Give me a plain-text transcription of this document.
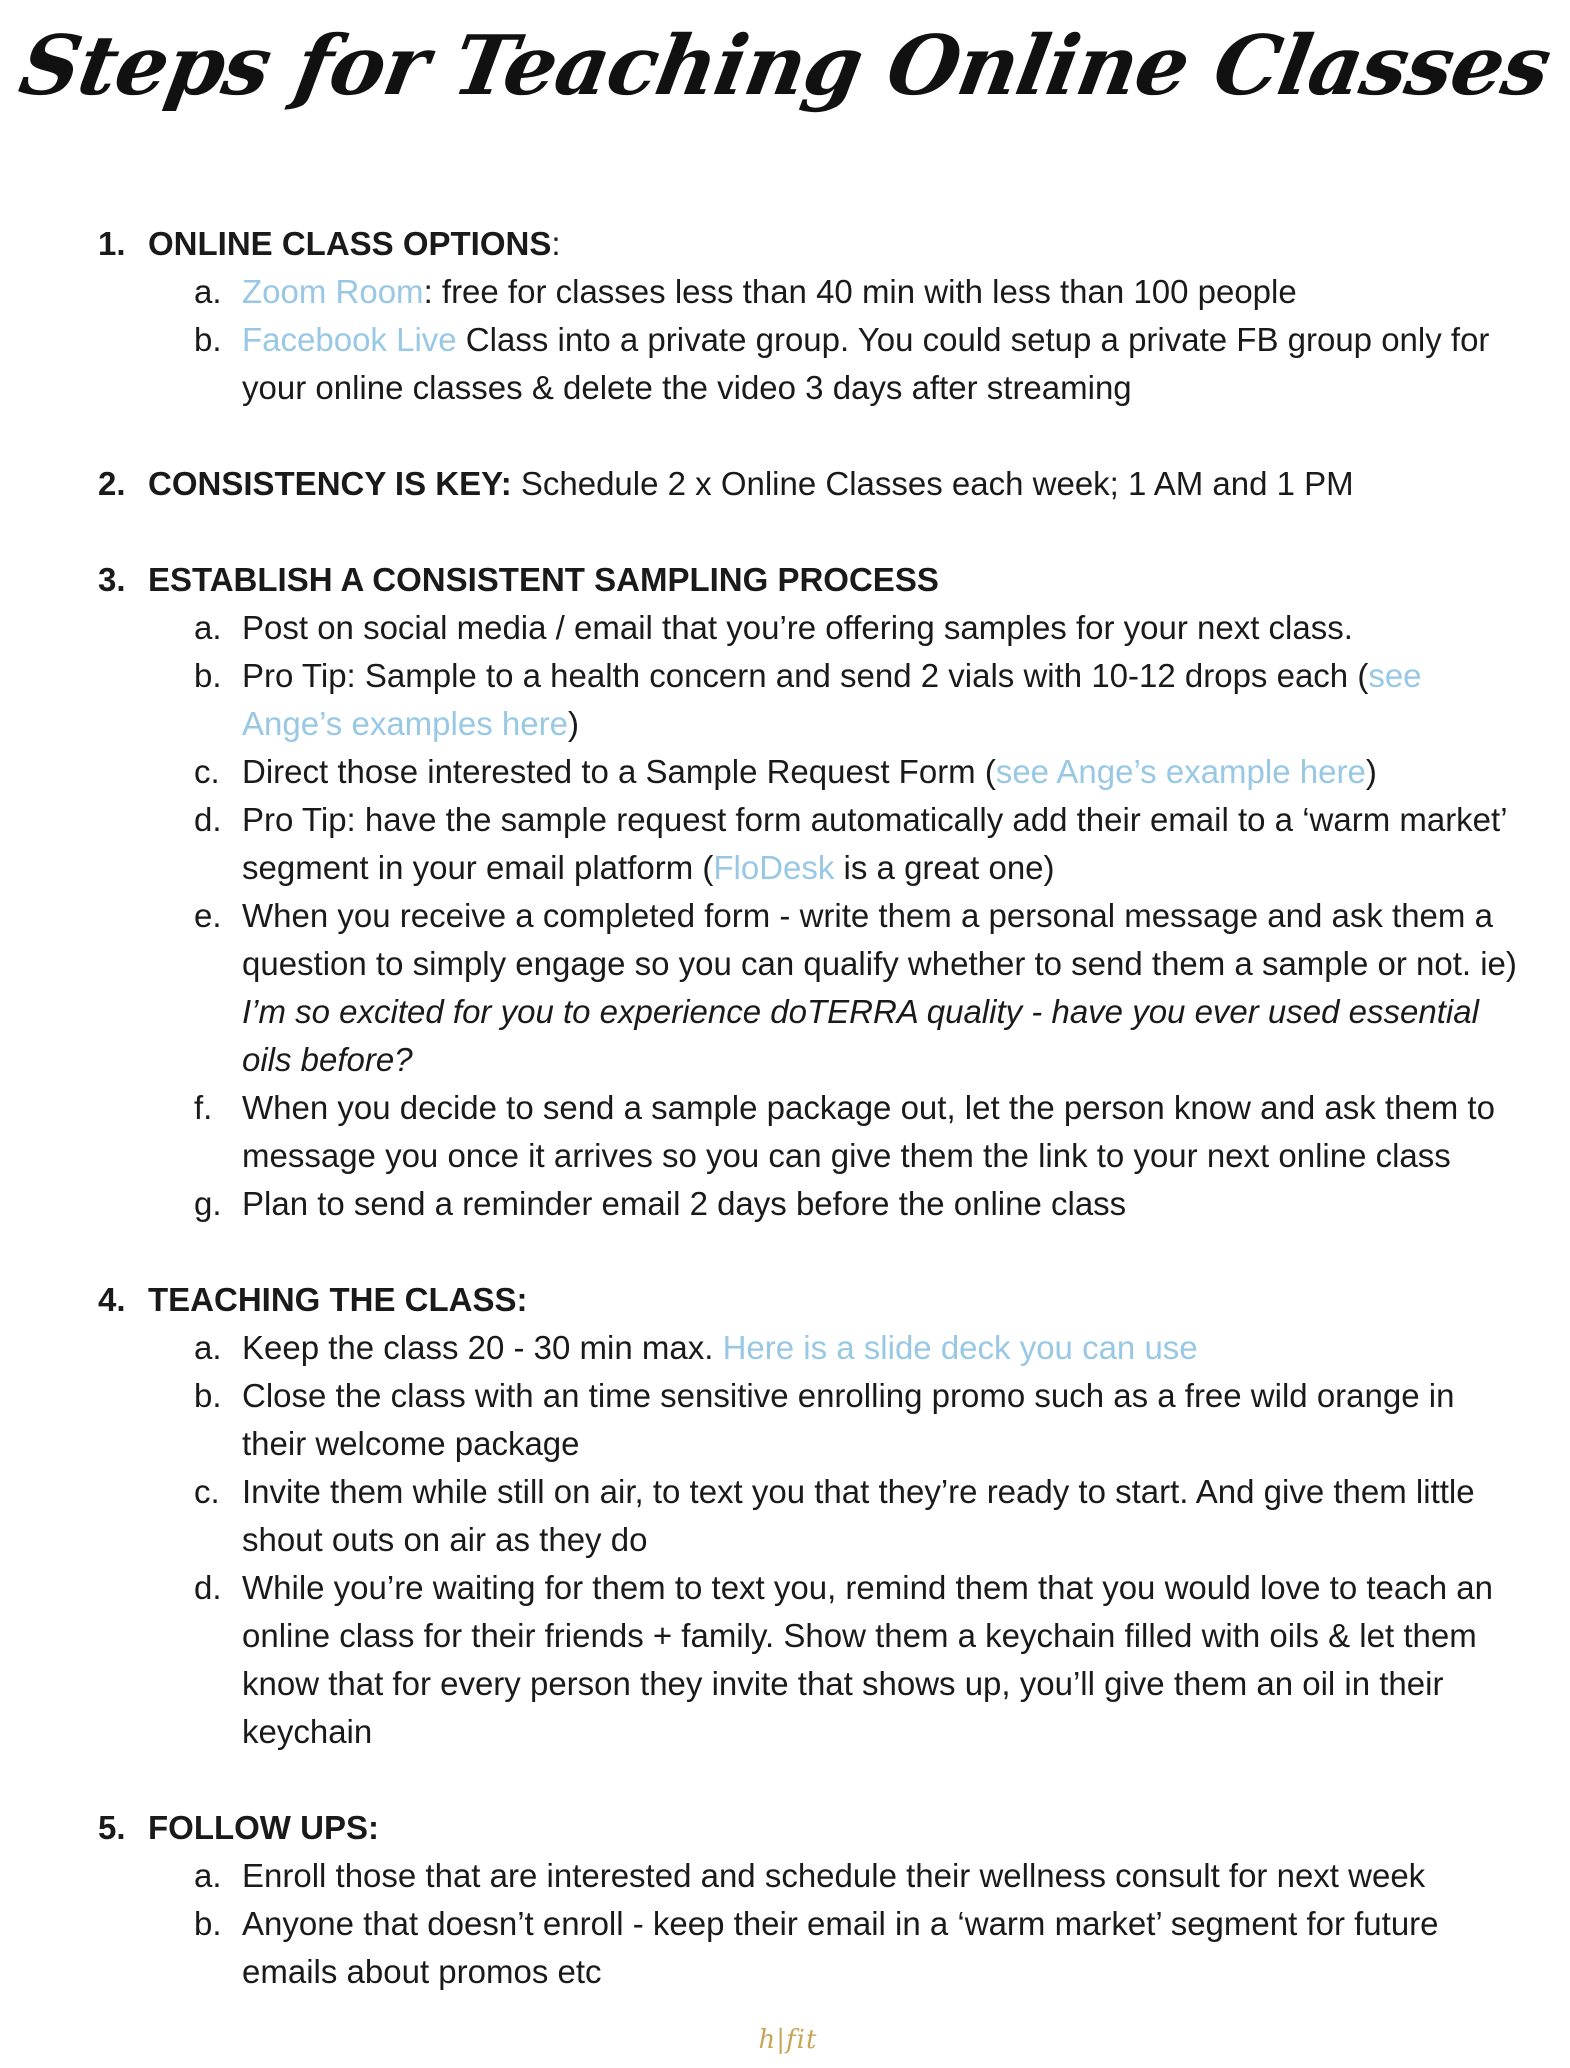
Steps for Teaching Online Classes
1. ONLINE CLASS OPTIONS:
a. Zoom Room: free for classes less than 40 min with less than 100 people
b. Facebook Live Class into a private group. You could setup a private FB group only for your online classes & delete the video 3 days after streaming
2. CONSISTENCY IS KEY: Schedule 2 x Online Classes each week; 1 AM and 1 PM
3. ESTABLISH A CONSISTENT SAMPLING PROCESS
a. Post on social media / email that you’re offering samples for your next class.
b. Pro Tip: Sample to a health concern and send 2 vials with 10-12 drops each (see Ange’s examples here)
c. Direct those interested to a Sample Request Form (see Ange’s example here)
d. Pro Tip: have the sample request form automatically add their email to a ‘warm market’ segment in your email platform (FloDesk is a great one)
e. When you receive a completed form - write them a personal message and ask them a question to simply engage so you can qualify whether to send them a sample or not. ie) I’m so excited for you to experience doTERRA quality - have you ever used essential oils before?
f. When you decide to send a sample package out, let the person know and ask them to message you once it arrives so you can give them the link to your next online class
g. Plan to send a reminder email 2 days before the online class
4. TEACHING THE CLASS:
a. Keep the class 20 - 30 min max. Here is a slide deck you can use
b. Close the class with an time sensitive enrolling promo such as a free wild orange in their welcome package
c. Invite them while still on air, to text you that they’re ready to start. And give them little shout outs on air as they do
d. While you’re waiting for them to text you, remind them that you would love to teach an online class for their friends + family. Show them a keychain filled with oils & let them know that for every person they invite that shows up, you’ll give them an oil in their keychain
5. FOLLOW UPS:
a. Enroll those that are interested and schedule their wellness consult for next week
b. Anyone that doesn’t enroll - keep their email in a ‘warm market’ segment for future emails about promos etc
h|fit
